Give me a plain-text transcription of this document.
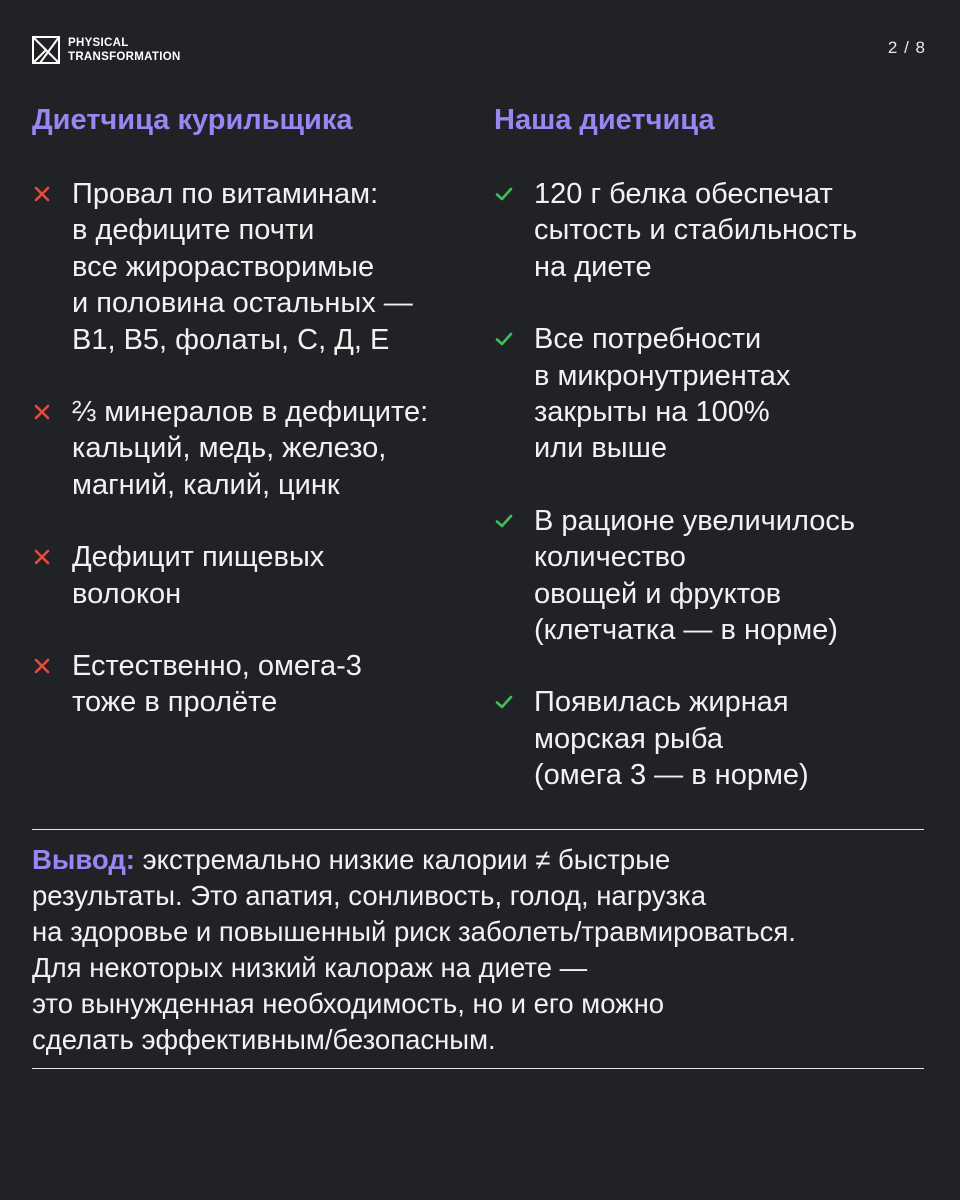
PHYSICAL
TRANSFORMATION	2 / 8
Диетчица курильщика
Провал по витаминам:
в дефиците почти
все жирорастворимые
и половина остальных —
B1, B5, фолаты, C, Д, Е
⅔ минералов в дефиците:
кальций, медь, железо,
магний, калий, цинк
Дефицит пищевых
волокон
Естественно, омега-3
тоже в пролёте
Наша диетчица
120 г белка обеспечат
сытость и стабильность
на диете
Все потребности
в микронутриентах
закрыты на 100%
или выше
В рационе увеличилось
количество
овощей и фруктов
(клетчатка — в норме)
Появилась жирная
морская рыба
(омега 3 — в норме)
Вывод: экстремально низкие калории ≠ быстрые
результаты. Это апатия, сонливость, голод, нагрузка
на здоровье и повышенный риск заболеть/травмироваться.
Для некоторых низкий калораж на диете —
это вынужденная необходимость, но и его можно
сделать эффективным/безопасным.
